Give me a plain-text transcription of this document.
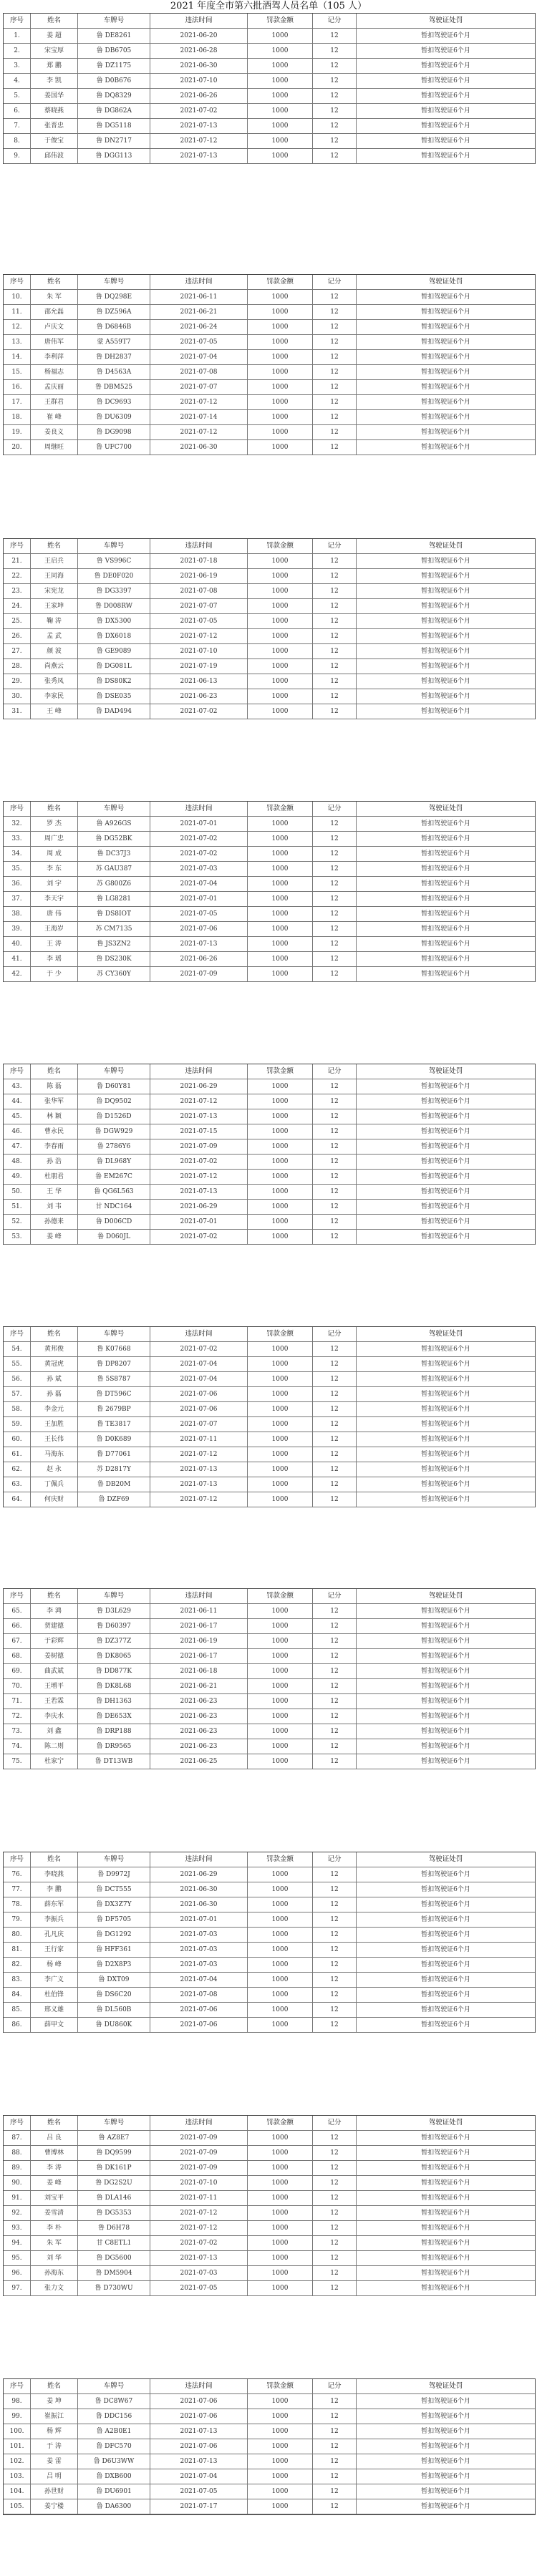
2021 年度全市第六批酒驾人员名单（105 人）
序号	姓名	车牌号	违法时间	罚款金额	记分	驾驶证处罚
1.	姜 超	鲁 DE8261	2021-06-20	1000	12	暂扣驾驶证6个月
2.	宋宝厚	鲁 DB6705	2021-06-28	1000	12	暂扣驾驶证6个月
3.	郑 鹏	鲁 DZ1175	2021-06-30	1000	12	暂扣驾驶证6个月
4.	李 凯	鲁 D0B676	2021-07-10	1000	12	暂扣驾驶证6个月
5.	姜国华	鲁 DQ8329	2021-06-26	1000	12	暂扣驾驶证6个月
6.	蔡晓燕	鲁 DG862A	2021-07-02	1000	12	暂扣驾驶证6个月
7.	张晋忠	鲁 DG5118	2021-07-13	1000	12	暂扣驾驶证6个月
8.	于俊宝	鲁 DN2717	2021-07-12	1000	12	暂扣驾驶证6个月
9.	邱伟波	鲁 DGG113	2021-07-13	1000	12	暂扣驾驶证6个月
序号	姓名	车牌号	违法时间	罚款金额	记分	驾驶证处罚
10.	朱 军	鲁 DQ298E	2021-06-11	1000	12	暂扣驾驶证6个月
11.	邵允磊	鲁 DZ596A	2021-06-21	1000	12	暂扣驾驶证6个月
12.	卢庆文	鲁 D6846B	2021-06-24	1000	12	暂扣驾驶证6个月
13.	唐伟军	蒙 A559T7	2021-07-05	1000	12	暂扣驾驶证6个月
14.	李利萍	鲁 DH2837	2021-07-04	1000	12	暂扣驾驶证6个月
15.	杨福志	鲁 D4563A	2021-07-08	1000	12	暂扣驾驶证6个月
16.	孟庆丽	鲁 DBM525	2021-07-07	1000	12	暂扣驾驶证6个月
17.	王群君	鲁 DC9693	2021-07-12	1000	12	暂扣驾驶证6个月
18.	崔 峰	鲁 DU6309	2021-07-14	1000	12	暂扣驾驶证6个月
19.	姜良义	鲁 DG9098	2021-07-12	1000	12	暂扣驾驶证6个月
20.	周继旺	鲁 UFC700	2021-06-30	1000	12	暂扣驾驶证6个月
序号	姓名	车牌号	违法时间	罚款金额	记分	驾驶证处罚
21.	王启兵	鲁 VS996C	2021-07-18	1000	12	暂扣驾驶证6个月
22.	王同海	鲁 DE0F020	2021-06-19	1000	12	暂扣驾驶证6个月
23.	宋宪龙	鲁 DG3397	2021-07-08	1000	12	暂扣驾驶证6个月
24.	王家坤	鲁 D008RW	2021-07-07	1000	12	暂扣驾驶证6个月
25.	鞠 涛	鲁 DX5300	2021-07-05	1000	12	暂扣驾驶证6个月
26.	孟 武	鲁 DX6018	2021-07-12	1000	12	暂扣驾驶证6个月
27.	颜 波	鲁 GE9089	2021-07-10	1000	12	暂扣驾驶证6个月
28.	尚燕云	鲁 DG081L	2021-07-19	1000	12	暂扣驾驶证6个月
29.	张秀凤	鲁 DS80K2	2021-06-13	1000	12	暂扣驾驶证6个月
30.	李家民	鲁 DSE035	2021-06-23	1000	12	暂扣驾驶证6个月
31.	王 峰	鲁 DAD494	2021-07-02	1000	12	暂扣驾驶证6个月
序号	姓名	车牌号	违法时间	罚款金额	记分	驾驶证处罚
32.	罗 杰	鲁 A926GS	2021-07-01	1000	12	暂扣驾驶证6个月
33.	周广忠	鲁 DG52BK	2021-07-02	1000	12	暂扣驾驶证6个月
34.	周 成	鲁 DC37J3	2021-07-02	1000	12	暂扣驾驶证6个月
35.	李 东	苏 GAU387	2021-07-03	1000	12	暂扣驾驶证6个月
36.	刘 宇	苏 G800Z6	2021-07-04	1000	12	暂扣驾驶证6个月
37.	李天宇	鲁 LG8281	2021-07-01	1000	12	暂扣驾驶证6个月
38.	唐 伟	鲁 DS8IOT	2021-07-05	1000	12	暂扣驾驶证6个月
39.	王海岁	苏 CM7135	2021-07-06	1000	12	暂扣驾驶证6个月
40.	王 涛	鲁 JS3ZN2	2021-07-13	1000	12	暂扣驾驶证6个月
41.	李 瑶	鲁 DS230K	2021-06-26	1000	12	暂扣驾驶证6个月
42.	于 少	苏 CY360Y	2021-07-09	1000	12	暂扣驾驶证6个月
序号	姓名	车牌号	违法时间	罚款金额	记分	驾驶证处罚
43.	陈 磊	鲁 D60Y81	2021-06-29	1000	12	暂扣驾驶证6个月
44.	张华军	鲁 DQ9502	2021-07-12	1000	12	暂扣驾驶证6个月
45.	林 颖	鲁 D1526D	2021-07-13	1000	12	暂扣驾驶证6个月
46.	曹永民	鲁 DGW929	2021-07-15	1000	12	暂扣驾驶证6个月
47.	李春雨	鲁 2786Y6	2021-07-09	1000	12	暂扣驾驶证6个月
48.	孙 浩	鲁 DL968Y	2021-07-02	1000	12	暂扣驾驶证6个月
49.	杜朋君	鲁 EM267C	2021-07-12	1000	12	暂扣驾驶证6个月
50.	王 华	鲁 QG6L563	2021-07-13	1000	12	暂扣驾驶证6个月
51.	刘 韦	甘 NDC164	2021-06-29	1000	12	暂扣驾驶证6个月
52.	孙德来	鲁 D006CD	2021-07-01	1000	12	暂扣驾驶证6个月
53.	姜 峰	鲁 D060JL	2021-07-02	1000	12	暂扣驾驶证6个月
序号	姓名	车牌号	违法时间	罚款金额	记分	驾驶证处罚
54.	黄邦俊	鲁 K07668	2021-07-02	1000	12	暂扣驾驶证6个月
55.	黄冠虎	鲁 DP8207	2021-07-04	1000	12	暂扣驾驶证6个月
56.	孙 斌	鲁 5S8787	2021-07-04	1000	12	暂扣驾驶证6个月
57.	孙 磊	鲁 DT596C	2021-07-06	1000	12	暂扣驾驶证6个月
58.	李金元	鲁 2679BP	2021-07-06	1000	12	暂扣驾驶证6个月
59.	王加胜	鲁 TE3817	2021-07-07	1000	12	暂扣驾驶证6个月
60.	王长伟	鲁 D0K689	2021-07-11	1000	12	暂扣驾驶证6个月
61.	马海东	鲁 D77061	2021-07-12	1000	12	暂扣驾驶证6个月
62.	赵 永	苏 D2817Y	2021-07-13	1000	12	暂扣驾驶证6个月
63.	丁佩兵	鲁 DB20M	2021-07-13	1000	12	暂扣驾驶证6个月
64.	何庆财	鲁 DZF69	2021-07-12	1000	12	暂扣驾驶证6个月
序号	姓名	车牌号	违法时间	罚款金额	记分	驾驶证处罚
65.	李 鸿	鲁 D3L629	2021-06-11	1000	12	暂扣驾驶证6个月
66.	贺建德	鲁 D60397	2021-06-17	1000	12	暂扣驾驶证6个月
67.	于彩辉	鲁 DZ377Z	2021-06-19	1000	12	暂扣驾驶证6个月
68.	姜树德	鲁 DK8065	2021-06-17	1000	12	暂扣驾驶证6个月
69.	曲武斌	鲁 DD877K	2021-06-18	1000	12	暂扣驾驶证6个月
70.	王增平	鲁 DK8L68	2021-06-21	1000	12	暂扣驾驶证6个月
71.	王若霖	鲁 DH1363	2021-06-23	1000	12	暂扣驾驶证6个月
72.	李庆水	鲁 DE653X	2021-06-23	1000	12	暂扣驾驶证6个月
73.	刘 鑫	鲁 DRP188	2021-06-23	1000	12	暂扣驾驶证6个月
74.	陈二则	鲁 DR9565	2021-06-23	1000	12	暂扣驾驶证6个月
75.	杜家宁	鲁 DT13WB	2021-06-25	1000	12	暂扣驾驶证6个月
序号	姓名	车牌号	违法时间	罚款金额	记分	驾驶证处罚
76.	李晓燕	鲁 D9972J	2021-06-29	1000	12	暂扣驾驶证6个月
77.	李 鹏	鲁 DCT555	2021-06-30	1000	12	暂扣驾驶证6个月
78.	薛东军	鲁 DX3Z7Y	2021-06-30	1000	12	暂扣驾驶证6个月
79.	李振兵	鲁 DF5705	2021-07-01	1000	12	暂扣驾驶证6个月
80.	孔凡庆	鲁 DG1292	2021-07-03	1000	12	暂扣驾驶证6个月
81.	王行家	鲁 HFF361	2021-07-03	1000	12	暂扣驾驶证6个月
82.	杨 峰	鲁 D2X8P3	2021-07-03	1000	12	暂扣驾驶证6个月
83.	李广义	鲁 DXT09	2021-07-04	1000	12	暂扣驾驶证6个月
84.	杜伯锋	鲁 DS6C20	2021-07-08	1000	12	暂扣驾驶证6个月
85.	邢义雄	鲁 DL560B	2021-07-06	1000	12	暂扣驾驶证6个月
86.	薛甲文	鲁 DU860K	2021-07-06	1000	12	暂扣驾驶证6个月
序号	姓名	车牌号	违法时间	罚款金额	记分	驾驶证处罚
87.	吕 良	鲁 AZ8E7	2021-07-09	1000	12	暂扣驾驶证6个月
88.	曹博林	鲁 DQ9599	2021-07-09	1000	12	暂扣驾驶证6个月
89.	李 涛	鲁 DK161P	2021-07-09	1000	12	暂扣驾驶证6个月
90.	姜 峰	鲁 DG2S2U	2021-07-10	1000	12	暂扣驾驶证6个月
91.	刘宝平	鲁 DLA146	2021-07-11	1000	12	暂扣驾驶证6个月
92.	姜雪清	鲁 DG5353	2021-07-12	1000	12	暂扣驾驶证6个月
93.	李 朴	鲁 D6H78	2021-07-12	1000	12	暂扣驾驶证6个月
94.	朱 军	甘 C8ETL1	2021-07-02	1000	12	暂扣驾驶证6个月
95.	刘 华	鲁 DG5600	2021-07-13	1000	12	暂扣驾驶证6个月
96.	孙海东	鲁 DM5904	2021-07-03	1000	12	暂扣驾驶证6个月
97.	张力文	鲁 D730WU	2021-07-05	1000	12	暂扣驾驶证6个月
序号	姓名	车牌号	违法时间	罚款金额	记分	驾驶证处罚
98.	姜 坤	鲁 DC8W67	2021-07-06	1000	12	暂扣驾驶证6个月
99.	崔振江	鲁 DDC156	2021-07-06	1000	12	暂扣驾驶证6个月
100.	杨 辉	鲁 A2B0E1	2021-07-13	1000	12	暂扣驾驶证6个月
101.	于 涛	鲁 DFC570	2021-07-06	1000	12	暂扣驾驶证6个月
102.	姜 雷	鲁 D6U3WW	2021-07-13	1000	12	暂扣驾驶证6个月
103.	吕 明	鲁 DXB600	2021-07-04	1000	12	暂扣驾驶证6个月
104.	孙世财	鲁 DU6901	2021-07-05	1000	12	暂扣驾驶证6个月
105.	姜宁楼	鲁 DA6300	2021-07-17	1000	12	暂扣驾驶证6个月
